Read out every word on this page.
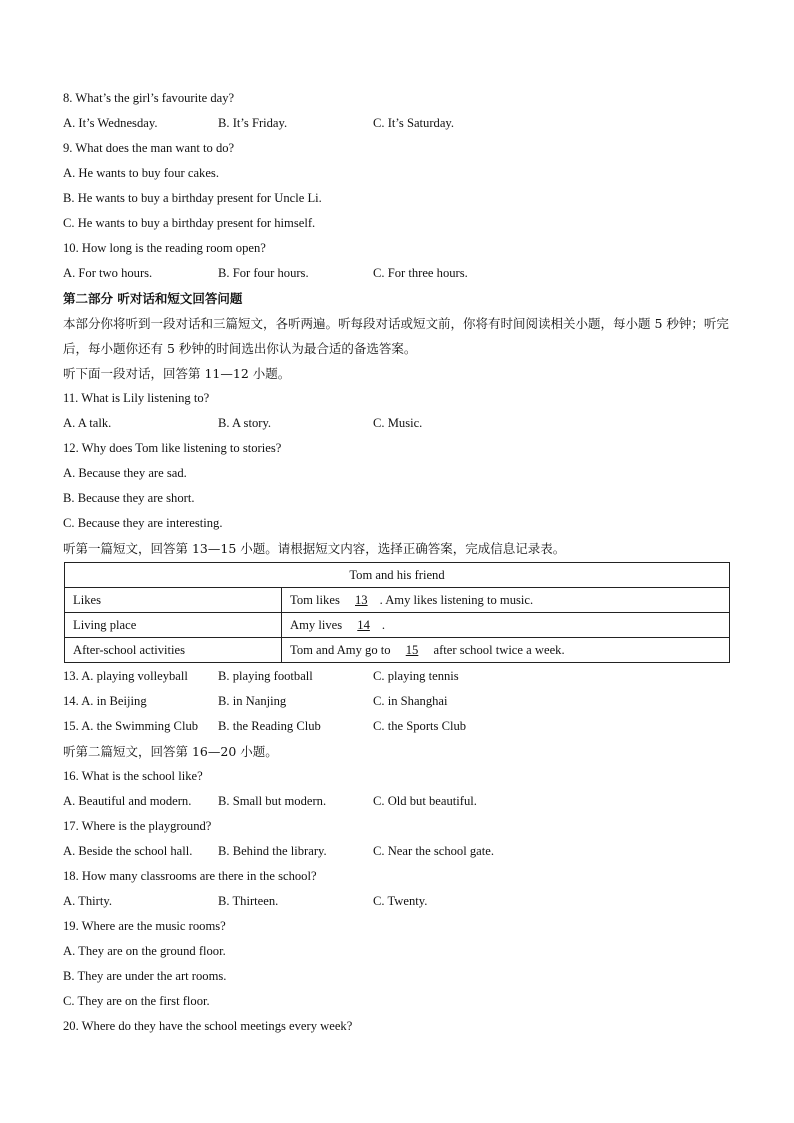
8. What’s the girl’s favourite day?
A. It’s Wednesday.	B. It’s Friday.	C. It’s Saturday.
9. What does the man want to do?
A. He wants to buy four cakes.
B. He wants to buy a birthday present for Uncle Li.
C. He wants to buy a birthday present for himself.
10. How long is the reading room open?
A. For two hours.	B. For four hours.	C. For three hours.
第二部分 听对话和短文回答问题
本部分你将听到一段对话和三篇短文，各听两遍。听每段对话或短文前，你将有时间阅读相关小题，每小题 5 秒钟；听完后，每小题你还有 5 秒钟的时间选出你认为最合适的备选答案。
听下面一段对话，回答第 11—12 小题。
11. What is Lily listening to?
A. A talk.	B. A story.	C. Music.
12. Why does Tom like listening to stories?
A. Because they are sad.
B. Because they are short.
C. Because they are interesting.
听第一篇短文，回答第 13—15 小题。请根据短文内容，选择正确答案，完成信息记录表。
Tom and his friend	
Likes	Tom likes 13 . Amy likes listening to music.
Living place	Amy lives 14 .
After-school activities	Tom and Amy go to 15 after school twice a week.
13. A. playing volleyball	B. playing football	C. playing tennis
14. A. in Beijing	B. in Nanjing	C. in Shanghai
15. A. the Swimming Club	B. the Reading Club	C. the Sports Club
听第二篇短文，回答第 16—20 小题。
16. What is the school like?
A. Beautiful and modern.	B. Small but modern.	C. Old but beautiful.
17. Where is the playground?
A. Beside the school hall.	B. Behind the library.	C. Near the school gate.
18. How many classrooms are there in the school?
A. Thirty.	B. Thirteen.	C. Twenty.
19. Where are the music rooms?
A. They are on the ground floor.
B. They are under the art rooms.
C. They are on the first floor.
20. Where do they have the school meetings every week?
